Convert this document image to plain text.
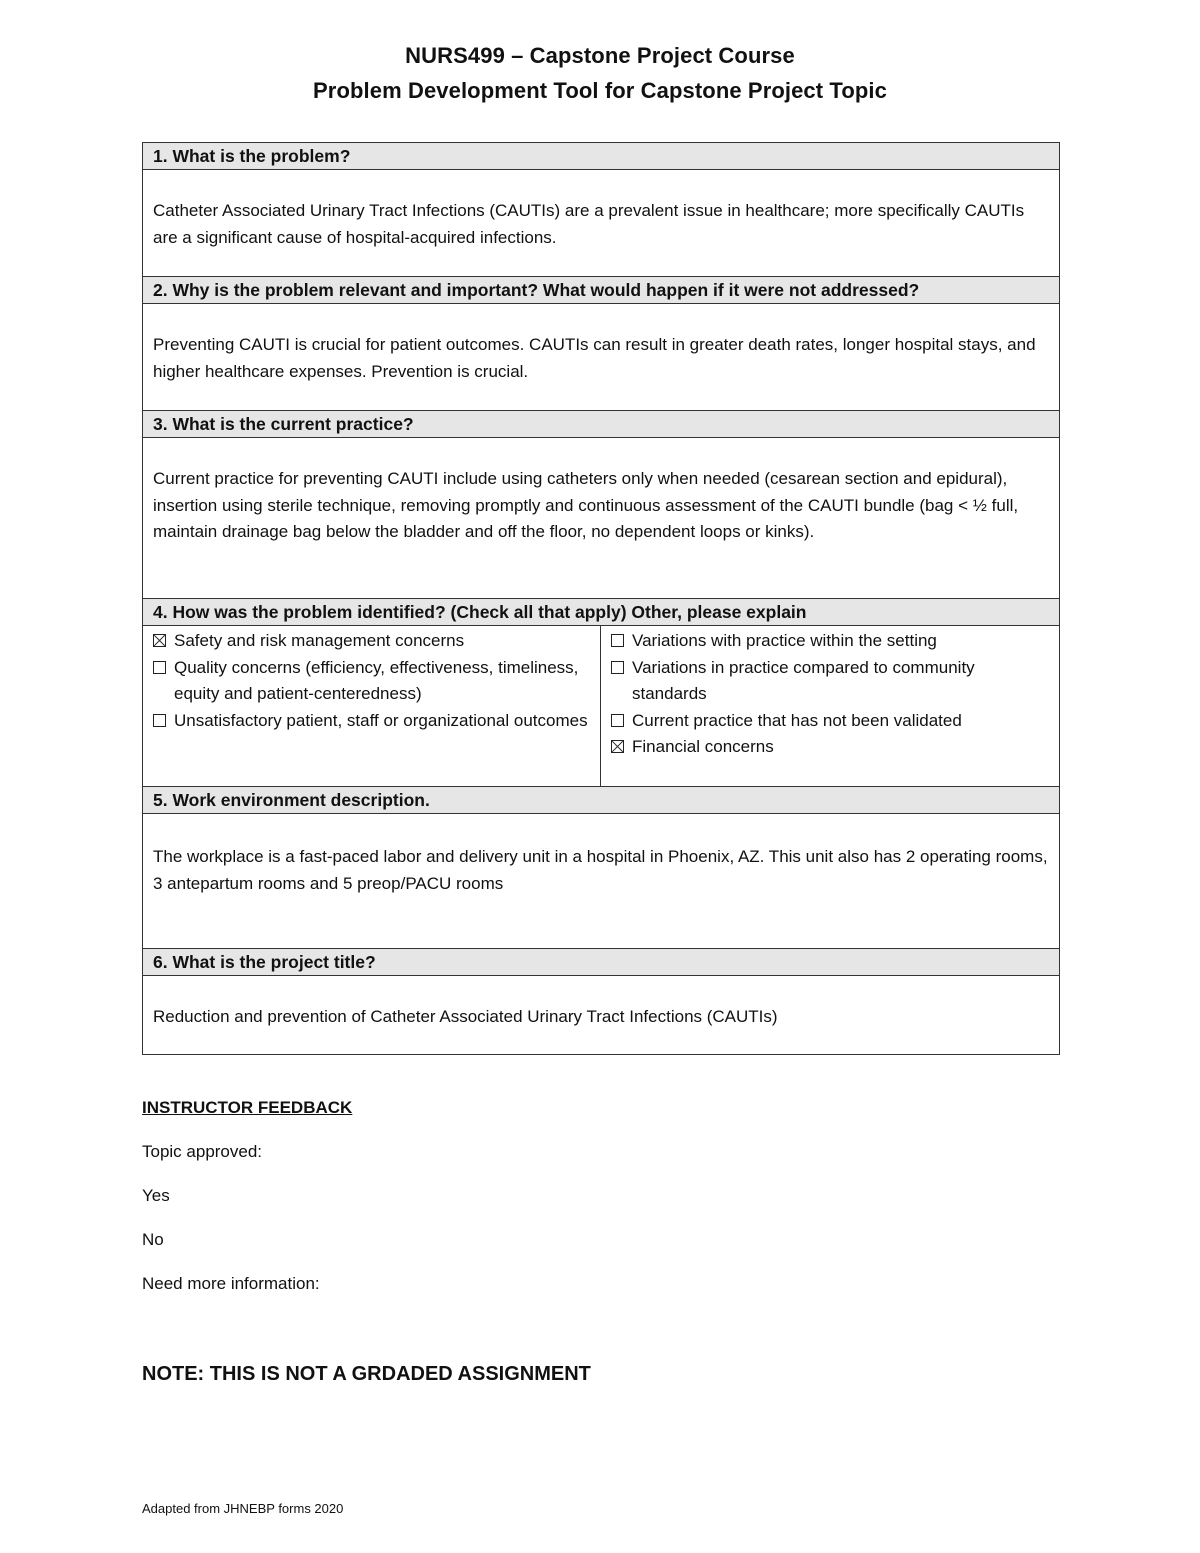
NURS499 – Capstone Project Course
Problem Development Tool for Capstone Project Topic
1. What is the problem?
Catheter Associated Urinary Tract Infections (CAUTIs) are a prevalent issue in healthcare; more specifically CAUTIs are a significant cause of hospital-acquired infections.
2. Why is the problem relevant and important? What would happen if it were not addressed?
Preventing CAUTI is crucial for patient outcomes. CAUTIs can result in greater death rates, longer hospital stays, and higher healthcare expenses. Prevention is crucial.
3. What is the current practice?
Current practice for preventing CAUTI include using catheters only when needed (cesarean section and epidural), insertion using sterile technique, removing promptly and continuous assessment of the CAUTI bundle (bag < ½ full, maintain drainage bag below the bladder and off the floor, no dependent loops or kinks).
4. How was the problem identified? (Check all that apply) Other, please explain
Safety and risk management concerns
Quality concerns (efficiency, effectiveness, timeliness, equity and patient-centeredness)
Unsatisfactory patient, staff or organizational outcomes
Variations with practice within the setting
Variations in practice compared to community standards
Current practice that has not been validated
Financial concerns
5. Work environment description.
The workplace is a fast-paced labor and delivery unit in a hospital in Phoenix, AZ. This unit also has 2 operating rooms, 3 antepartum rooms and 5 preop/PACU rooms
6. What is the project title?
Reduction and prevention of Catheter Associated Urinary Tract Infections (CAUTIs)
INSTRUCTOR FEEDBACK
Topic approved:
Yes
No
Need more information:
NOTE: THIS IS NOT A GRDADED ASSIGNMENT
Adapted from JHNEBP forms 2020
